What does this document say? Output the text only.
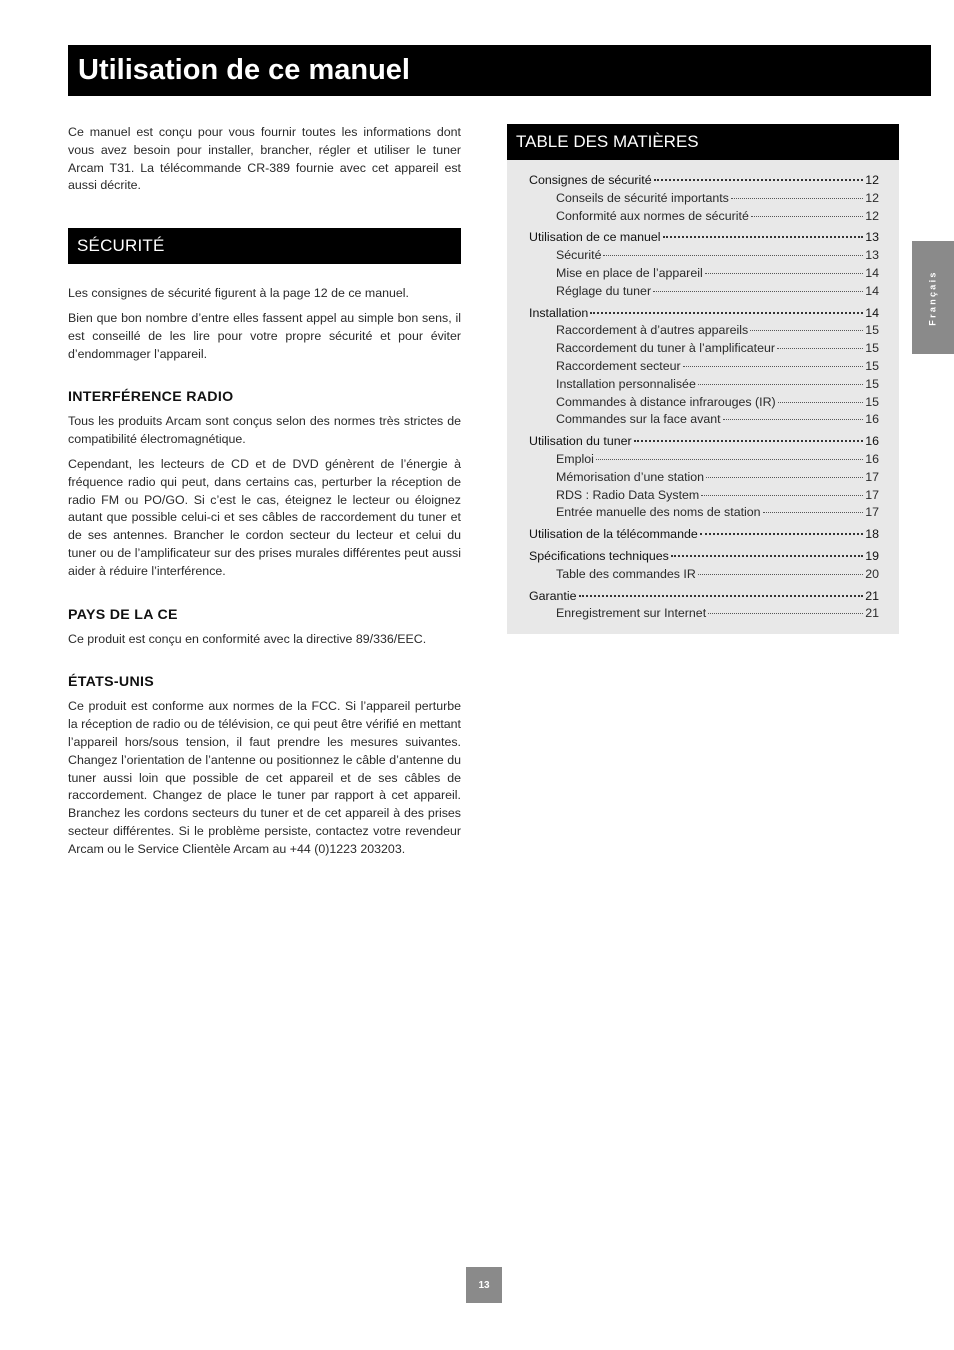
Utilisation de ce manuel

Ce manuel est conçu pour vous fournir toutes les informations dont vous avez besoin pour installer, brancher, régler et utiliser le tuner Arcam T31. La télécommande CR-389 fournie avec cet appareil est aussi décrite.

SÉCURITÉ

Les consignes de sécurité figurent à la page 12 de ce manuel.

Bien que bon nombre d’entre elles fassent appel au simple bon sens, il est conseillé de les lire pour votre propre sécurité et pour éviter d’endommager l’appareil.

INTERFÉRENCE RADIO

Tous les produits Arcam sont conçus selon des normes très strictes de compatibilité électromagnétique.

Cependant, les lecteurs de CD et de DVD génèrent de l’énergie à fréquence radio qui peut, dans certains cas, perturber la réception de radio FM ou PO/GO. Si c’est le cas, éteignez le lecteur ou éloignez autant que possible celui-ci et ses câbles de raccordement du tuner et de ses antennes. Brancher le cordon secteur du lecteur et celui du tuner ou de l’amplificateur sur des prises murales différentes peut aussi aider à réduire l’interférence.

PAYS DE LA CE

Ce produit est conçu en conformité avec la directive 89/336/EEC.

ÉTATS-UNIS

Ce produit est conforme aux normes de la FCC. Si l’appareil perturbe la réception de radio ou de télévision, ce qui peut être vérifié en mettant l’appareil hors/sous tension, il faut prendre les mesures suivantes. Changez l’orientation de l’antenne ou positionnez le câble d’antenne du tuner aussi loin que possible de cet appareil et de ses câbles de raccordement. Changez de place le tuner par rapport à cet appareil. Branchez les cordons secteurs du tuner et de cet appareil à des prises secteur différentes. Si le problème persiste, contactez votre revendeur Arcam ou le Service Clientèle Arcam au +44 (0)1223 203203.

TABLE DES MATIÈRES
Consignes de sécurité	12
Conseils de sécurité importants	12
Conformité aux normes de sécurité	12
Utilisation de ce manuel	13
Sécurité	13
Mise en place de l’appareil	14
Réglage du tuner	14
Installation	14
Raccordement à d’autres appareils	15
Raccordement du tuner à l’amplificateur	15
Raccordement secteur	15
Installation personnalisée	15
Commandes à distance infrarouges (IR)	15
Commandes sur la face avant	16
Utilisation du tuner	16
Emploi	16
Mémorisation d’une station	17
RDS : Radio Data System	17
Entrée manuelle des noms de station	17
Utilisation de la télécommande	18
Spécifications techniques	19
Table des commandes IR	20
Garantie	21
Enregistrement sur Internet	21
Français
13
